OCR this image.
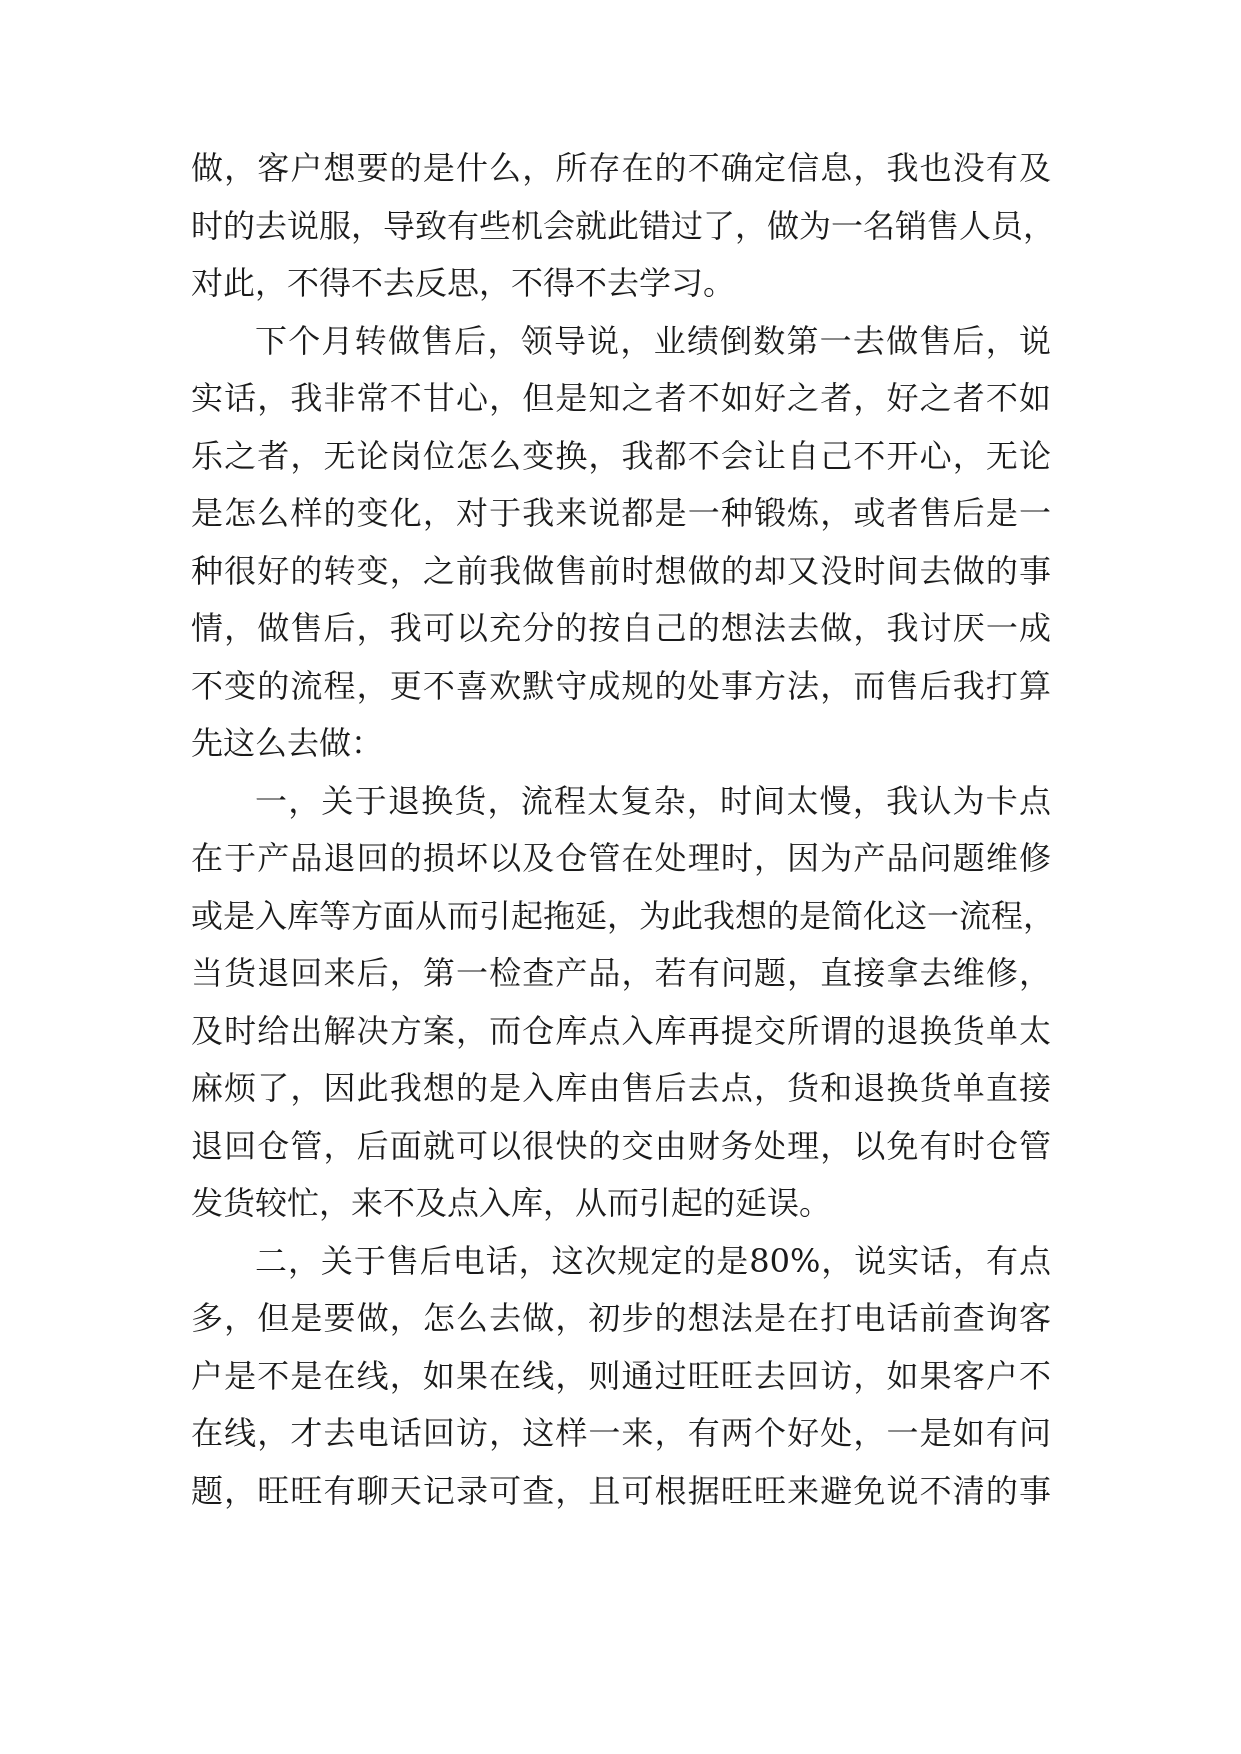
做，客户想要的是什么，所存在的不确定信息，我也没有及
时的去说服，导致有些机会就此错过了，做为一名销售人员，
对此，不得不去反思，不得不去学习。
下个月转做售后，领导说，业绩倒数第一去做售后，说
实话，我非常不甘心，但是知之者不如好之者，好之者不如
乐之者，无论岗位怎么变换，我都不会让自己不开心，无论
是怎么样的变化，对于我来说都是一种锻炼，或者售后是一
种很好的转变，之前我做售前时想做的却又没时间去做的事
情，做售后，我可以充分的按自己的想法去做，我讨厌一成
不变的流程，更不喜欢默守成规的处事方法，而售后我打算
先这么去做：
一，关于退换货，流程太复杂，时间太慢，我认为卡点
在于产品退回的损坏以及仓管在处理时，因为产品问题维修
或是入库等方面从而引起拖延，为此我想的是简化这一流程，
当货退回来后，第一检查产品，若有问题，直接拿去维修，
及时给出解决方案，而仓库点入库再提交所谓的退换货单太
麻烦了，因此我想的是入库由售后去点，货和退换货单直接
退回仓管，后面就可以很快的交由财务处理，以免有时仓管
发货较忙，来不及点入库，从而引起的延误。
二，关于售后电话，这次规定的是80%，说实话，有点
多，但是要做，怎么去做，初步的想法是在打电话前查询客
户是不是在线，如果在线，则通过旺旺去回访，如果客户不
在线，才去电话回访，这样一来，有两个好处，一是如有问
题，旺旺有聊天记录可查，且可根据旺旺来避免说不清的事
